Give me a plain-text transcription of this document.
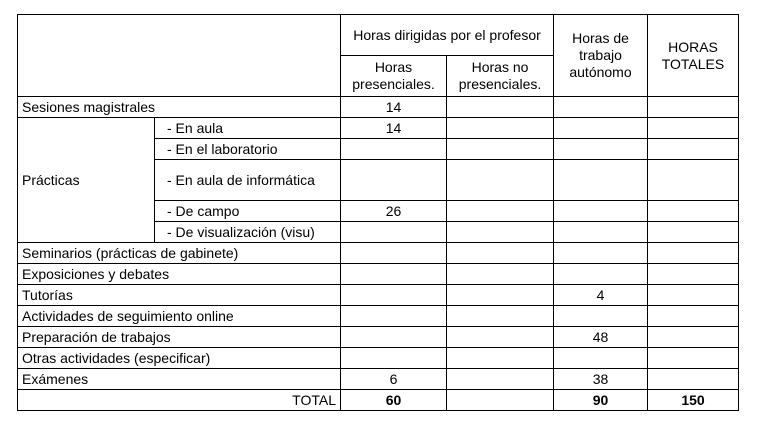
		Horas dirigidas por el profesor		Horas de trabajo autónomo	HORAS TOTALES
		Horas presenciales.	Horas no presenciales.		
Sesiones magistrales		14			
Prácticas	- En aula	14			
	- En el laboratorio				
	- En aula de informática				
	- De campo	26			
	- De visualización (visu)				
Seminarios (prácticas de gabinete)					
Exposiciones y debates					
Tutorías				4	
Actividades de seguimiento online					
Preparación de trabajos				48	
Otras actividades (especificar)					
Exámenes		6		38	
TOTAL		60		90	150
